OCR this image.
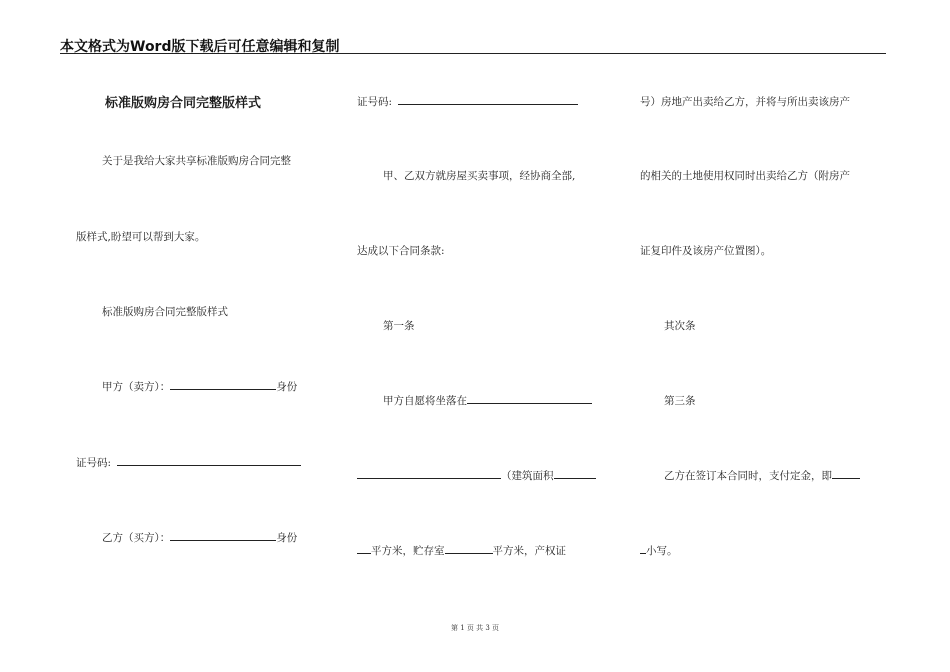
本文格式为Word版下载后可任意编辑和复制
标准版购房合同完整版样式
关于是我给大家共享标准版购房合同完整
版样式,盼望可以帮到大家。
标准版购房合同完整版样式
甲方（卖方）：	身份
证号码:
乙方（买方）：	身份
证号码:
甲、乙双方就房屋买卖事项，经协商全部,
达成以下合同条款:
第一条
甲方自愿将坐落在
（建筑面积
平方米，贮存室	平方米，产权证
号）房地产出卖给乙方，并将与所出卖该房产
的相关的土地使用权同时出卖给乙方（附房产
证复印件及该房产位置图）。
其次条
第三条
乙方在签订本合同时，支付定金，即
小写。
第 1 页 共 3 页
